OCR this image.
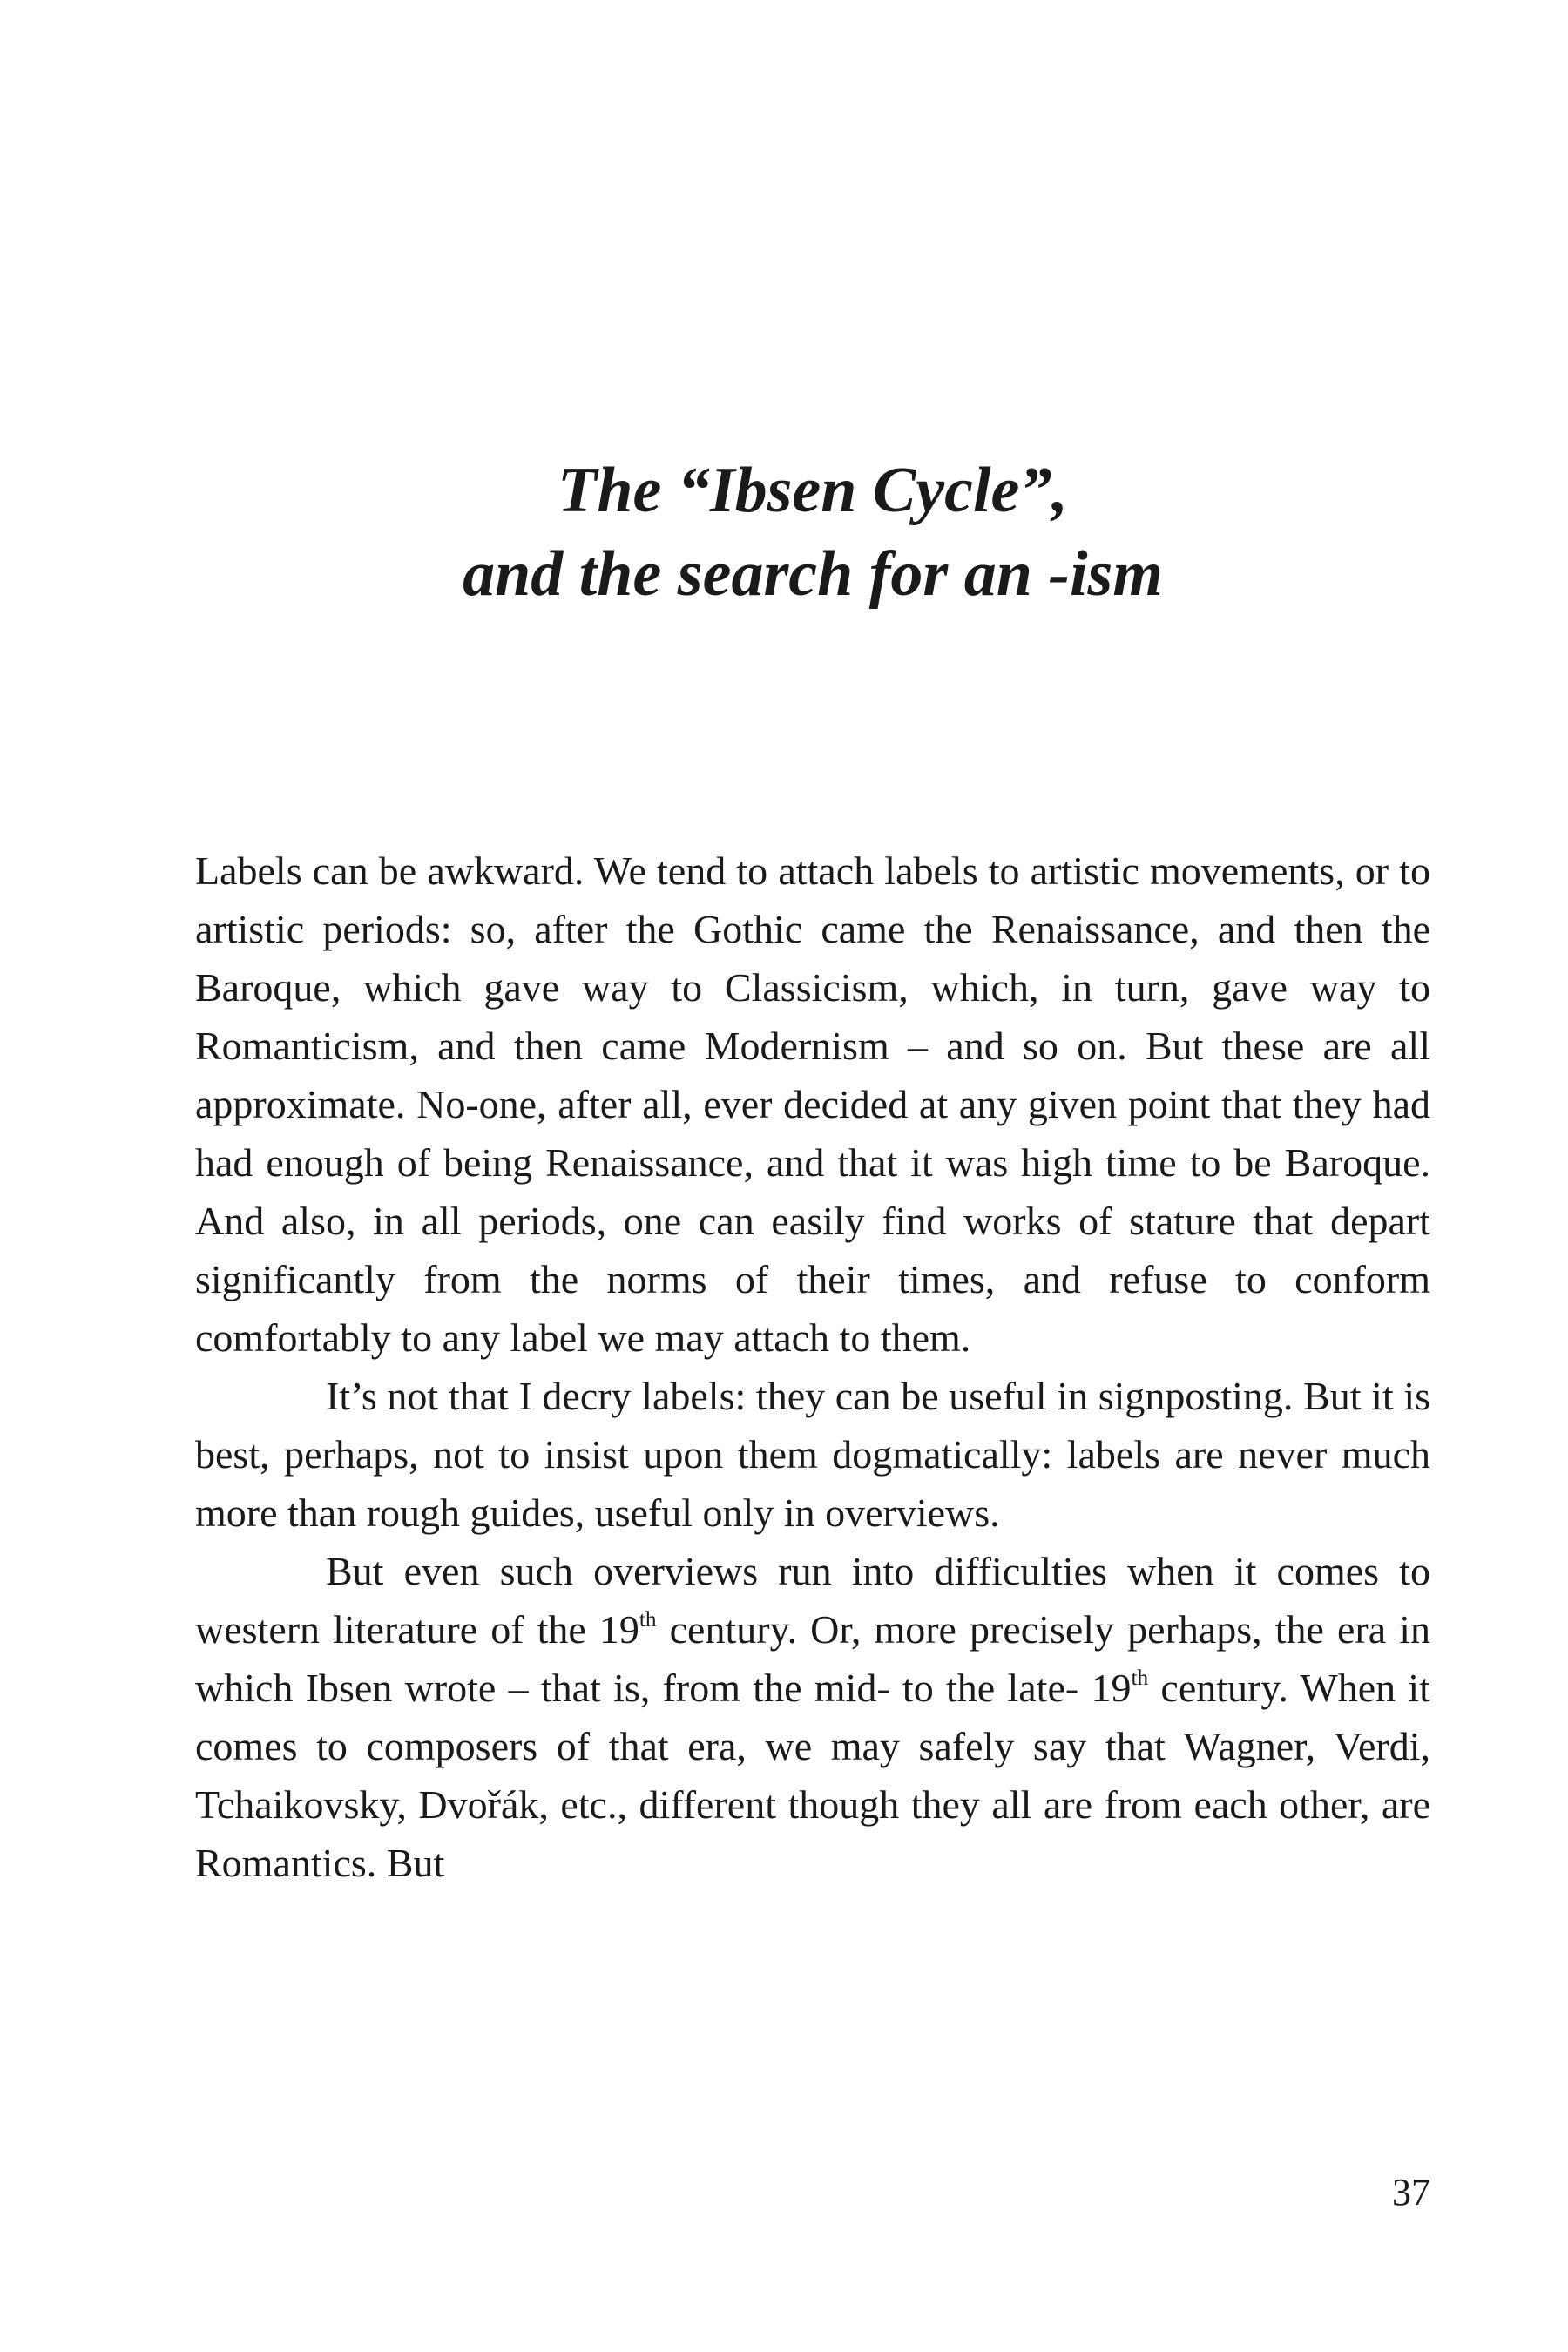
The “Ibsen Cycle”,
and the search for an -ism

Labels can be awkward. We tend to attach labels to artistic movements, or to artistic periods: so, after the Gothic came the Renaissance, and then the Baroque, which gave way to Classicism, which, in turn, gave way to Romanticism, and then came Modernism – and so on. But these are all approximate. No-one, after all, ever decided at any given point that they had had enough of being Renaissance, and that it was high time to be Baroque. And also, in all periods, one can easily find works of stature that depart significantly from the norms of their times, and refuse to conform comfortably to any label we may attach to them.

It’s not that I decry labels: they can be useful in signposting. But it is best, perhaps, not to insist upon them dogmatically: labels are never much more than rough guides, useful only in overviews.

But even such overviews run into difficulties when it comes to western literature of the 19th century. Or, more precisely perhaps, the era in which Ibsen wrote – that is, from the mid- to the late- 19th century. When it comes to composers of that era, we may safely say that Wagner, Verdi, Tchaikovsky, Dvořák, etc., different though they all are from each other, are Romantics. But

37
